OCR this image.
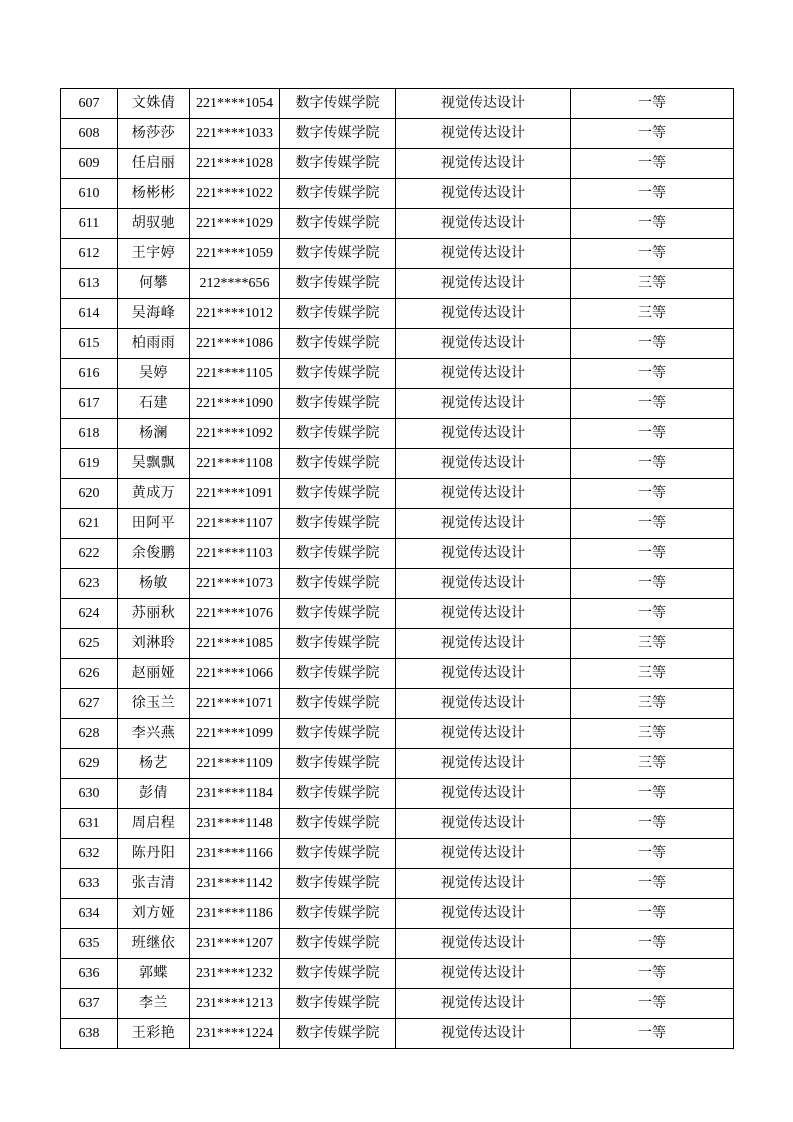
607	文姝倩	221****1054	数字传媒学院	视觉传达设计	一等
608	杨莎莎	221****1033	数字传媒学院	视觉传达设计	一等
609	任启丽	221****1028	数字传媒学院	视觉传达设计	一等
610	杨彬彬	221****1022	数字传媒学院	视觉传达设计	一等
611	胡驭驰	221****1029	数字传媒学院	视觉传达设计	一等
612	王宇婷	221****1059	数字传媒学院	视觉传达设计	一等
613	何攀	212****656	数字传媒学院	视觉传达设计	三等
614	吴海峰	221****1012	数字传媒学院	视觉传达设计	三等
615	柏雨雨	221****1086	数字传媒学院	视觉传达设计	一等
616	吴婷	221****1105	数字传媒学院	视觉传达设计	一等
617	石建	221****1090	数字传媒学院	视觉传达设计	一等
618	杨澜	221****1092	数字传媒学院	视觉传达设计	一等
619	吴飘飘	221****1108	数字传媒学院	视觉传达设计	一等
620	黄成万	221****1091	数字传媒学院	视觉传达设计	一等
621	田阿平	221****1107	数字传媒学院	视觉传达设计	一等
622	余俊鹏	221****1103	数字传媒学院	视觉传达设计	一等
623	杨敏	221****1073	数字传媒学院	视觉传达设计	一等
624	苏丽秋	221****1076	数字传媒学院	视觉传达设计	一等
625	刘淋聆	221****1085	数字传媒学院	视觉传达设计	三等
626	赵丽娅	221****1066	数字传媒学院	视觉传达设计	三等
627	徐玉兰	221****1071	数字传媒学院	视觉传达设计	三等
628	李兴燕	221****1099	数字传媒学院	视觉传达设计	三等
629	杨艺	221****1109	数字传媒学院	视觉传达设计	三等
630	彭倩	231****1184	数字传媒学院	视觉传达设计	一等
631	周启程	231****1148	数字传媒学院	视觉传达设计	一等
632	陈丹阳	231****1166	数字传媒学院	视觉传达设计	一等
633	张吉清	231****1142	数字传媒学院	视觉传达设计	一等
634	刘方娅	231****1186	数字传媒学院	视觉传达设计	一等
635	班继依	231****1207	数字传媒学院	视觉传达设计	一等
636	郭蝶	231****1232	数字传媒学院	视觉传达设计	一等
637	李兰	231****1213	数字传媒学院	视觉传达设计	一等
638	王彩艳	231****1224	数字传媒学院	视觉传达设计	一等
